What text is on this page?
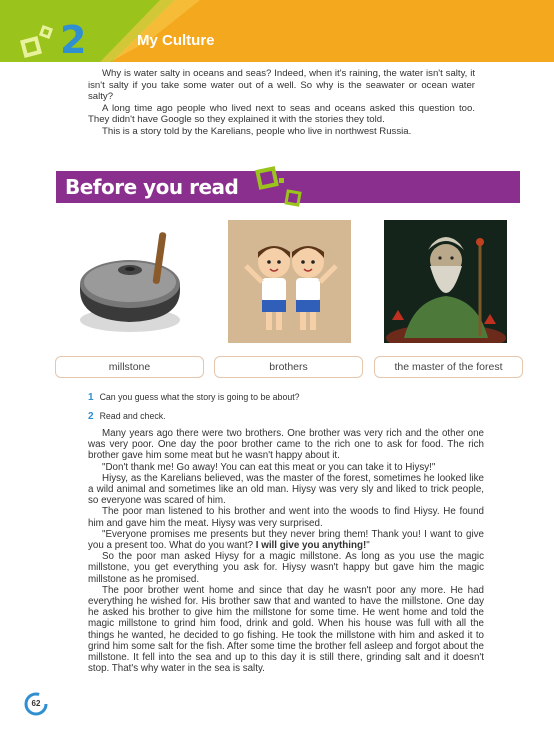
2	My Culture

Why is water salty in oceans and seas? Indeed, when it's raining, the water isn't salty, it isn't salty if you take some water out of a well. So why is the seawater or ocean water salty?

A long time ago people who lived next to seas and oceans asked this question too. They didn't have Google so they explained it with the stories they told.

This is a story told by the Karelians, people who live in northwest Russia.

Before you read
millstone	brothers	the master of the forest
1 Can you guess what the story is going to be about?
2 Read and check.

Many years ago there were two brothers. One brother was very rich and the other one was very poor. One day the poor brother came to the rich one to ask for food. The rich brother gave him some meat but he wasn't happy about it.

"Don't thank me! Go away! You can eat this meat or you can take it to Hiysy!"

Hiysy, as the Karelians believed, was the master of the forest, sometimes he looked like a wild animal and sometimes like an old man. Hiysy was very sly and liked to trick people, so everyone was scared of him.

The poor man listened to his brother and went into the woods to find Hiysy. He found him and gave him the meat. Hiysy was very surprised.

"Everyone promises me presents but they never bring them! Thank you! I want to give you a present too. What do you want? I will give you anything!"

So the poor man asked Hiysy for a magic millstone. As long as you use the magic millstone, you get everything you ask for. Hiysy wasn't happy but gave him the magic millstone as he promised.

The poor brother went home and since that day he wasn't poor any more. He had everything he wished for. His brother saw that and wanted to have the millstone. One day he asked his brother to give him the millstone for some time. He went home and told the magic millstone to grind him food, drink and gold. When his house was full with all the things he wanted, he decided to go fishing. He took the millstone with him and asked it to grind him some salt for the fish. After some time the brother fell asleep and forgot about the millstone. It fell into the sea and up to this day it is still there, grinding salt and it doesn't stop. That's why water in the sea is salty.

62
